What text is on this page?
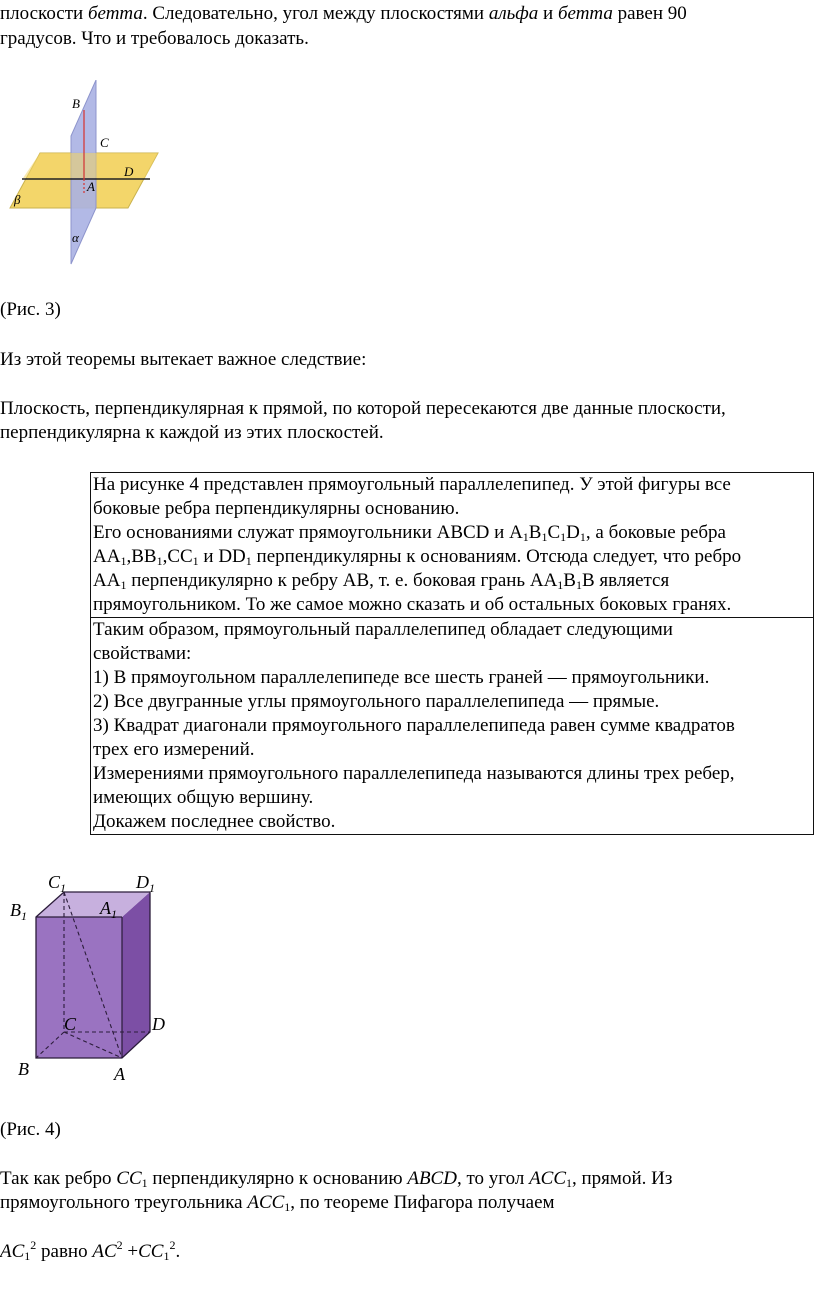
плоскости бетта. Следовательно, угол между плоскостями альфа и бетта равен 90
градусов. Что и требовалось доказать.
B
C
D
A
β
α
(Рис. 3)
Из этой теоремы вытекает важное следствие:
Плоскость, перпендикулярная к прямой, по которой пересекаются две данные плоскости,
перпендикулярна к каждой из этих плоскостей.
На рисунке 4 представлен прямоугольный параллелепипед. У этой фигуры все
боковые ребра перпендикулярны основанию.
Его основаниями служат прямоугольники ABCD и $A_1B_1C_1D_1$, а боковые ребра
$AA_1,BB_1,CC_1$ и $DD_1$ перпендикулярны к основаниям. Отсюда следует, что ребро
$AA_1$ перпендикулярно к ребру AB, т. е. боковая грань $AA_1B_1B$ является
прямоугольником. То же самое можно сказать и об остальных боковых гранях.
Таким образом, прямоугольный параллелепипед обладает следующими
свойствами:
1) В прямоугольном параллелепипеде все шесть граней — прямоугольники.
2) Все двугранные углы прямоугольного параллелепипеда — прямые.
3) Квадрат диагонали прямоугольного параллелепипеда равен сумме квадратов
трех его измерений.
Измерениями прямоугольного параллелепипеда называются длины трех ребер,
имеющих общую вершину.
Докажем последнее свойство.
$C_1$	$D_1$
$B_1$	$A_1$
C	D
B	A
(Рис. 4)
Так как ребро $CC_1$ перпендикулярно к основанию ABCD, то угол $ACC_1$, прямой. Из
прямоугольного треугольника $ACC_1$, по теореме Пифагора получаем
$AC_1^2$ равно $AC^2 +CC_1^2$.
